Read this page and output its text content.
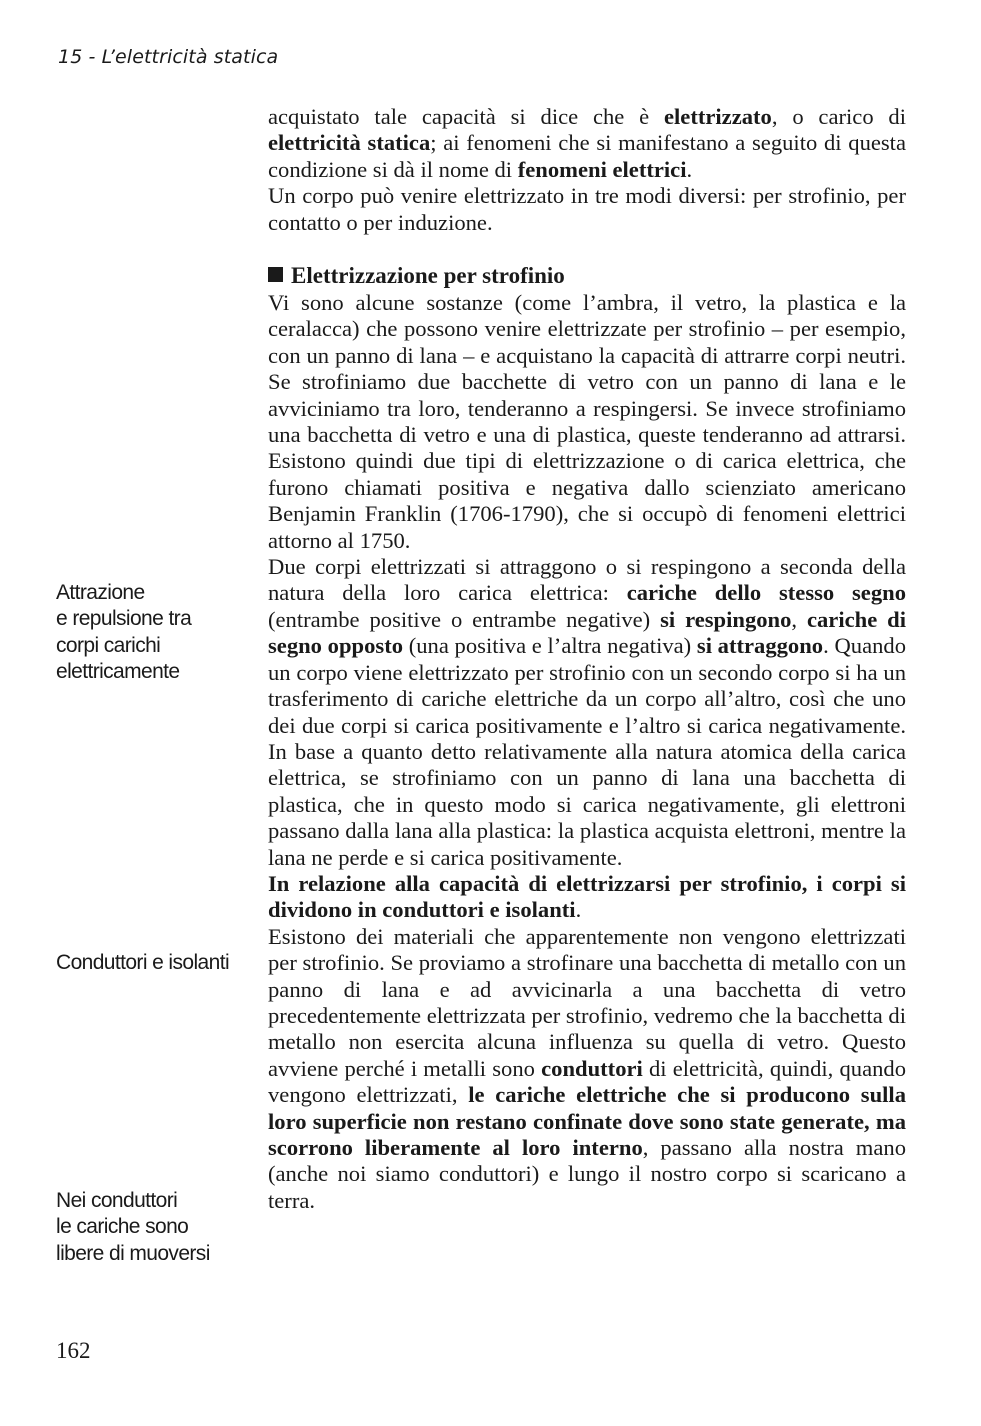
15 - L’elettricità statica

acquistato tale capacità si dice che è elettrizzato, o carico di elettricità statica; ai fenomeni che si manifestano a seguito di questa condizione si dà il nome di fenomeni elettrici.

Un corpo può venire elettrizzato in tre modi diversi: per strofinio, per contatto o per induzione.

Elettrizzazione per strofinio

Vi sono alcune sostanze (come l’ambra, il vetro, la plastica e la ceralacca) che possono venire elettrizzate per strofinio – per esempio, con un panno di lana – e acquistano la capacità di attrarre corpi neutri. Se strofiniamo due bacchette di vetro con un panno di lana e le avviciniamo tra loro, tenderanno a respingersi. Se invece strofiniamo una bacchetta di vetro e una di plastica, queste tenderanno ad attrarsi. Esistono quindi due tipi di elettrizzazione o di carica elettrica, che furono chiamati positiva e negativa dallo scienziato americano Benjamin Franklin (1706-1790), che si occupò di fenomeni elettrici attorno al 1750.

Due corpi elettrizzati si attraggono o si respingono a seconda della natura della loro carica elettrica: cariche dello stesso segno (entrambe positive o entrambe negative) si respingono, cariche di segno opposto (una positiva e l’altra negativa) si attraggono. Quando un corpo viene elettrizzato per strofinio con un secondo corpo si ha un trasferimento di cariche elettriche da un corpo all’altro, così che uno dei due corpi si carica positivamente e l’altro si carica negativamente. In base a quanto detto relativamente alla natura atomica della carica elettrica, se strofiniamo con un panno di lana una bacchetta di plastica, che in questo modo si carica negativamente, gli elettroni passano dalla lana alla plastica: la plastica acquista elettroni, mentre la lana ne perde e si carica positivamente.

In relazione alla capacità di elettrizzarsi per strofinio, i corpi si dividono in conduttori e isolanti.

Esistono dei materiali che apparentemente non vengono elettrizzati per strofinio. Se proviamo a strofinare una bacchetta di metallo con un panno di lana e ad avvicinarla a una bacchetta di vetro precedentemente elettrizzata per strofinio, vedremo che la bacchetta di metallo non esercita alcuna influenza su quella di vetro. Questo avviene perché i metalli sono conduttori di elettricità, quindi, quando vengono elettrizzati, le cariche elettriche che si producono sulla loro superficie non restano confinate dove sono state generate, ma scorrono liberamente al loro interno, passano alla nostra mano (anche noi siamo conduttori) e lungo il nostro corpo si scaricano a terra.

Attrazione
e repulsione tra
corpi carichi
elettricamente
Conduttori e isolanti
Nei conduttori
le cariche sono
libere di muoversi
162
